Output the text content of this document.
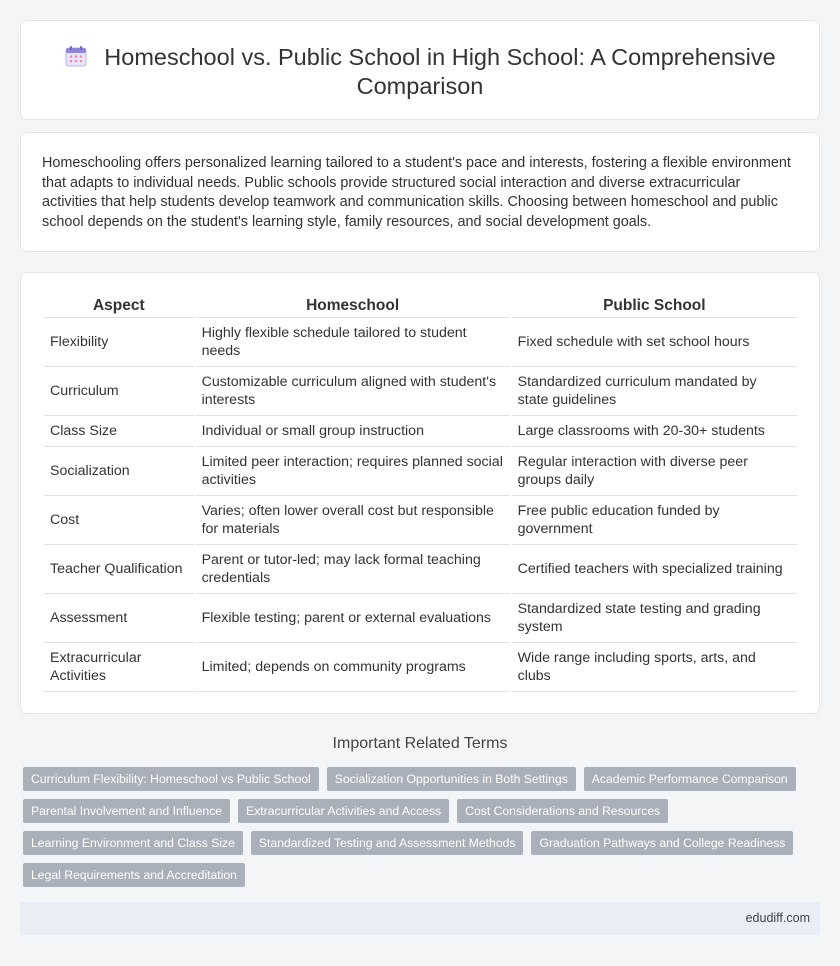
Homeschool vs. Public School in High School: A Comprehensive Comparison

Homeschooling offers personalized learning tailored to a student's pace and interests, fostering a flexible environment that adapts to individual needs. Public schools provide structured social interaction and diverse extracurricular activities that help students develop teamwork and communication skills. Choosing between homeschool and public school depends on the student's learning style, family resources, and social development goals.

Aspect	Homeschool	Public School
Flexibility	Highly flexible schedule tailored to student needs	Fixed schedule with set school hours
Curriculum	Customizable curriculum aligned with student's interests	Standardized curriculum mandated by state guidelines
Class Size	Individual or small group instruction	Large classrooms with 20-30+ students
Socialization	Limited peer interaction; requires planned social activities	Regular interaction with diverse peer groups daily
Cost	Varies; often lower overall cost but responsible for materials	Free public education funded by government
Teacher Qualification	Parent or tutor-led; may lack formal teaching credentials	Certified teachers with specialized training
Assessment	Flexible testing; parent or external evaluations	Standardized state testing and grading system
Extracurricular Activities	Limited; depends on community programs	Wide range including sports, arts, and clubs
Important Related Terms
Curriculum Flexibility: Homeschool vs Public School	Socialization Opportunities in Both Settings	Academic Performance Comparison
Parental Involvement and Influence	Extracurricular Activities and Access	Cost Considerations and Resources
Learning Environment and Class Size	Standardized Testing and Assessment Methods	Graduation Pathways and College Readiness
Legal Requirements and Accreditation
edudiff.com
